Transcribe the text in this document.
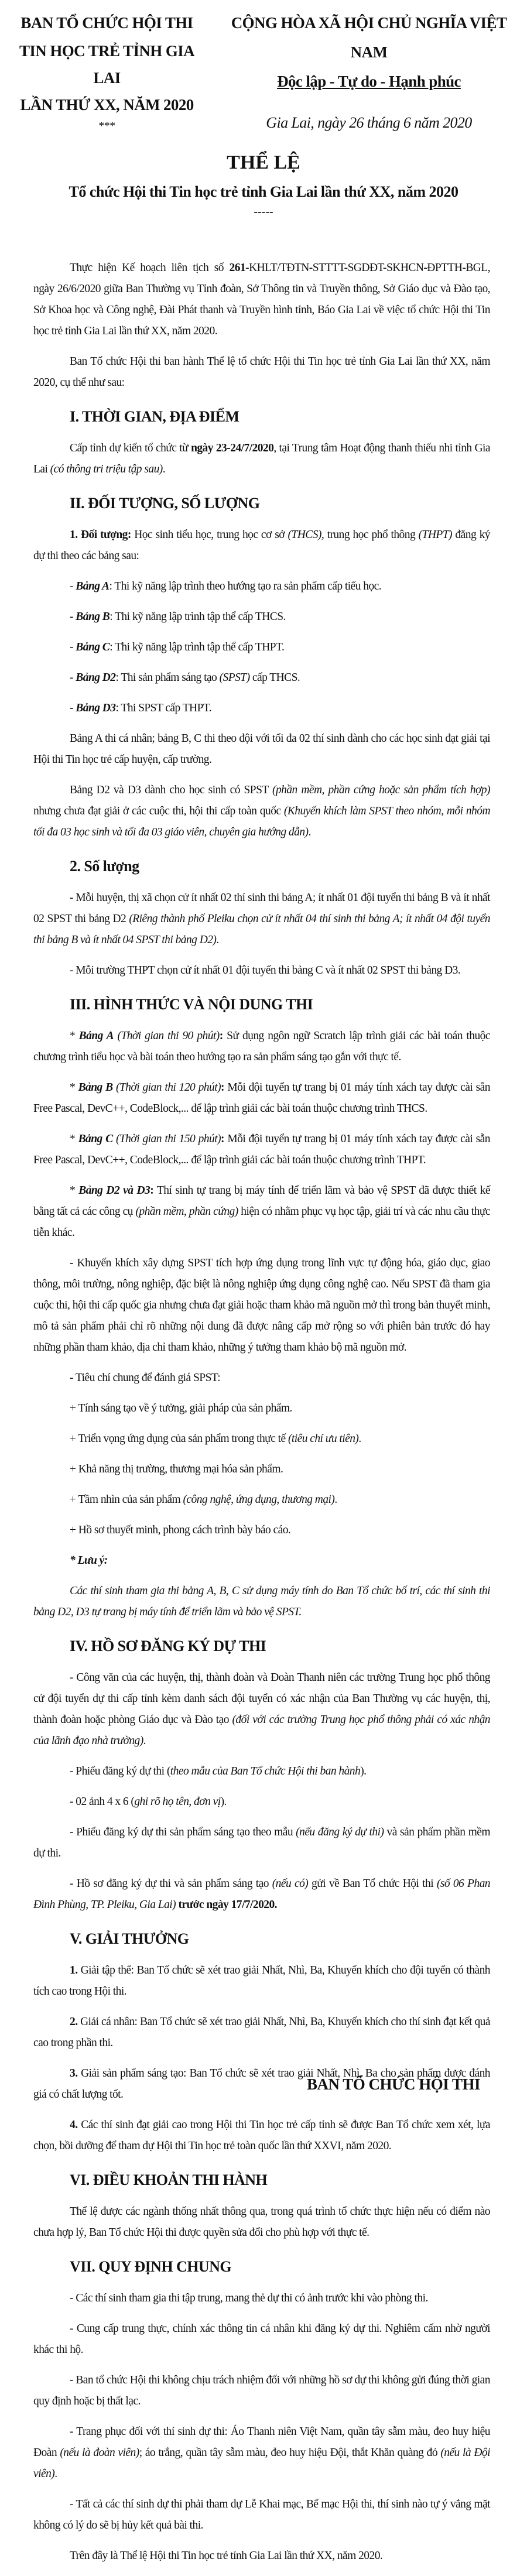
BAN TỔ CHỨC HỘI THI
TIN HỌC TRẺ TỈNH GIA LAI
LẦN THỨ XX, NĂM 2020
***
CỘNG HÒA XÃ HỘI CHỦ NGHĨA VIỆT NAM
Độc lập - Tự do - Hạnh phúc
Gia Lai, ngày 26 tháng 6 năm 2020
THỂ LỆ
Tổ chức Hội thi Tin học trẻ tỉnh Gia Lai lần thứ XX, năm 2020
-----

Thực hiện Kế hoạch liên tịch số 261-KHLT/TĐTN-STTTT-SGDĐT-SKHCN-ĐPTTH-BGL, ngày 26/6/2020 giữa Ban Thường vụ Tỉnh đoàn, Sở Thông tin và Truyền thông, Sở Giáo dục và Đào tạo, Sở Khoa học và Công nghệ, Đài Phát thanh và Truyền hình tỉnh, Báo Gia Lai về việc tổ chức Hội thi Tin học trẻ tỉnh Gia Lai lần thứ XX, năm 2020.

Ban Tổ chức Hội thi ban hành Thể lệ tổ chức Hội thi Tin học trẻ tỉnh Gia Lai lần thứ XX, năm 2020, cụ thể như sau:

I. THỜI GIAN, ĐỊA ĐIỂM

Cấp tỉnh dự kiến tổ chức từ ngày 23-24/7/2020, tại Trung tâm Hoạt động thanh thiếu nhi tỉnh Gia Lai (có thông tri triệu tập sau).

II. ĐỐI TƯỢNG, SỐ LƯỢNG

1. Đối tượng: Học sinh tiểu học, trung học cơ sở (THCS), trung học phổ thông (THPT) đăng ký dự thi theo các bảng sau:

- Bảng A: Thi kỹ năng lập trình theo hướng tạo ra sản phẩm cấp tiểu học.

- Bảng B: Thi kỹ năng lập trình tập thể cấp THCS.

- Bảng C: Thi kỹ năng lập trình tập thể cấp THPT.

- Bảng D2: Thi sản phẩm sáng tạo (SPST) cấp THCS.

- Bảng D3: Thi SPST cấp THPT.

Bảng A thi cá nhân; bảng B, C thi theo đội với tối đa 02 thí sinh dành cho các học sinh đạt giải tại Hội thi Tin học trẻ cấp huyện, cấp trường.

Bảng D2 và D3 dành cho học sinh có SPST (phần mềm, phần cứng hoặc sản phẩm tích hợp) nhưng chưa đạt giải ở các cuộc thi, hội thi cấp toàn quốc (Khuyến khích làm SPST theo nhóm, mỗi nhóm tối đa 03 học sinh và tối đa 03 giáo viên, chuyên gia hướng dẫn).

2. Số lượng

- Mỗi huyện, thị xã chọn cử ít nhất 02 thí sinh thi bảng A; ít nhất 01 đội tuyển thi bảng B và ít nhất 02 SPST thi bảng D2 (Riêng thành phố Pleiku chọn cử ít nhất 04 thí sinh thi bảng A; ít nhất 04 đội tuyển thi bảng B và ít nhất 04 SPST thi bảng D2).

- Mỗi trường THPT chọn cử ít nhất 01 đội tuyển thi bảng C và ít nhất 02 SPST thi bảng D3.

III. HÌNH THỨC VÀ NỘI DUNG THI

* Bảng A (Thời gian thi 90 phút): Sử dụng ngôn ngữ Scratch lập trình giải các bài toán thuộc chương trình tiểu học và bài toán theo hướng tạo ra sản phẩm sáng tạo gắn với thực tế.

* Bảng B (Thời gian thi 120 phút): Mỗi đội tuyển tự trang bị 01 máy tính xách tay được cài sẵn Free Pascal, DevC++, CodeBlock,... để lập trình giải các bài toán thuộc chương trình THCS.

* Bảng C (Thời gian thi 150 phút): Mỗi đội tuyển tự trang bị 01 máy tính xách tay được cài sẵn Free Pascal, DevC++, CodeBlock,... để lập trình giải các bài toán thuộc chương trình THPT.

* Bảng D2 và D3: Thí sinh tự trang bị máy tính để triển lãm và bảo vệ SPST đã được thiết kế bằng tất cả các công cụ (phần mềm, phần cứng) hiện có nhằm phục vụ học tập, giải trí và các nhu cầu thực tiễn khác.

- Khuyến khích xây dựng SPST tích hợp ứng dụng trong lĩnh vực tự động hóa, giáo dục, giao thông, môi trường, nông nghiệp, đặc biệt là nông nghiệp ứng dụng công nghệ cao. Nếu SPST đã tham gia cuộc thi, hội thi cấp quốc gia nhưng chưa đạt giải hoặc tham khảo mã nguồn mở thì trong bản thuyết minh, mô tả sản phẩm phải chỉ rõ những nội dung đã được nâng cấp mở rộng so với phiên bản trước đó hay những phần tham khảo, địa chỉ tham khảo, những ý tưởng tham khảo bộ mã nguồn mở.

- Tiêu chí chung để đánh giá SPST:

+ Tính sáng tạo về ý tưởng, giải pháp của sản phẩm.

+ Triển vọng ứng dụng của sản phẩm trong thực tế (tiêu chí ưu tiên).

+ Khả năng thị trường, thương mại hóa sản phẩm.

+ Tầm nhìn của sản phẩm (công nghệ, ứng dụng, thương mại).

+ Hồ sơ thuyết minh, phong cách trình bày báo cáo.

* Lưu ý:

Các thí sinh tham gia thi bảng A, B, C sử dụng máy tính do Ban Tổ chức bố trí, các thí sinh thi bảng D2, D3 tự trang bị máy tính để triển lãm và bảo vệ SPST.

IV. HỒ SƠ ĐĂNG KÝ DỰ THI

- Công văn của các huyện, thị, thành đoàn và Đoàn Thanh niên các trường Trung học phổ thông cử đội tuyển dự thi cấp tỉnh kèm danh sách đội tuyển có xác nhận của Ban Thường vụ các huyện, thị, thành đoàn hoặc phòng Giáo dục và Đào tạo (đối với các trường Trung học phổ thông phải có xác nhận của lãnh đạo nhà trường).

- Phiếu đăng ký dự thi (theo mẫu của Ban Tổ chức Hội thi ban hành).

- 02 ảnh 4 x 6 (ghi rõ họ tên, đơn vị).

- Phiếu đăng ký dự thi sản phẩm sáng tạo theo mẫu (nếu đăng ký dự thi) và sản phẩm phần mềm dự thi.

- Hồ sơ đăng ký dự thi và sản phẩm sáng tạo (nếu có) gửi về Ban Tổ chức Hội thi (số 06 Phan Đình Phùng, TP. Pleiku, Gia Lai) trước ngày 17/7/2020.

V. GIẢI THƯỞNG

1. Giải tập thể: Ban Tổ chức sẽ xét trao giải Nhất, Nhì, Ba, Khuyến khích cho đội tuyển có thành tích cao trong Hội thi.

2. Giải cá nhân: Ban Tổ chức sẽ xét trao giải Nhất, Nhì, Ba, Khuyến khích cho thí sinh đạt kết quả cao trong phần thi.

3. Giải sản phẩm sáng tạo: Ban Tổ chức sẽ xét trao giải Nhất, Nhì, Ba cho sản phẩm được đánh giá có chất lượng tốt.

4. Các thí sinh đạt giải cao trong Hội thi Tin học trẻ cấp tỉnh sẽ được Ban Tổ chức xem xét, lựa chọn, bồi dưỡng để tham dự Hội thi Tin học trẻ toàn quốc lần thứ XXVI, năm 2020.

VI. ĐIỀU KHOẢN THI HÀNH

Thể lệ được các ngành thống nhất thông qua, trong quá trình tổ chức thực hiện nếu có điểm nào chưa hợp lý, Ban Tổ chức Hội thi được quyền sửa đổi cho phù hợp với thực tế.

VII. QUY ĐỊNH CHUNG

- Các thí sinh tham gia thi tập trung, mang thẻ dự thi có ảnh trước khi vào phòng thi.

- Cung cấp trung thực, chính xác thông tin cá nhân khi đăng ký dự thi. Nghiêm cấm nhờ người khác thi hộ.

- Ban tổ chức Hội thi không chịu trách nhiệm đối với những hồ sơ dự thi không gửi đúng thời gian quy định hoặc bị thất lạc.

- Trang phục đối với thí sinh dự thi: Áo Thanh niên Việt Nam, quần tây sẫm màu, đeo huy hiệu Đoàn (nếu là đoàn viên); áo trắng, quần tây sẫm màu, đeo huy hiệu Đội, thắt Khăn quàng đỏ (nếu là Đội viên).

- Tất cả các thí sinh dự thi phải tham dự Lễ Khai mạc, Bế mạc Hội thi, thí sinh nào tự ý vắng mặt không có lý do sẽ bị hủy kết quả bài thi.

Trên đây là Thể lệ Hội thi Tin học trẻ tỉnh Gia Lai lần thứ XX, năm 2020.

BAN TỔ CHỨC HỘI THI
